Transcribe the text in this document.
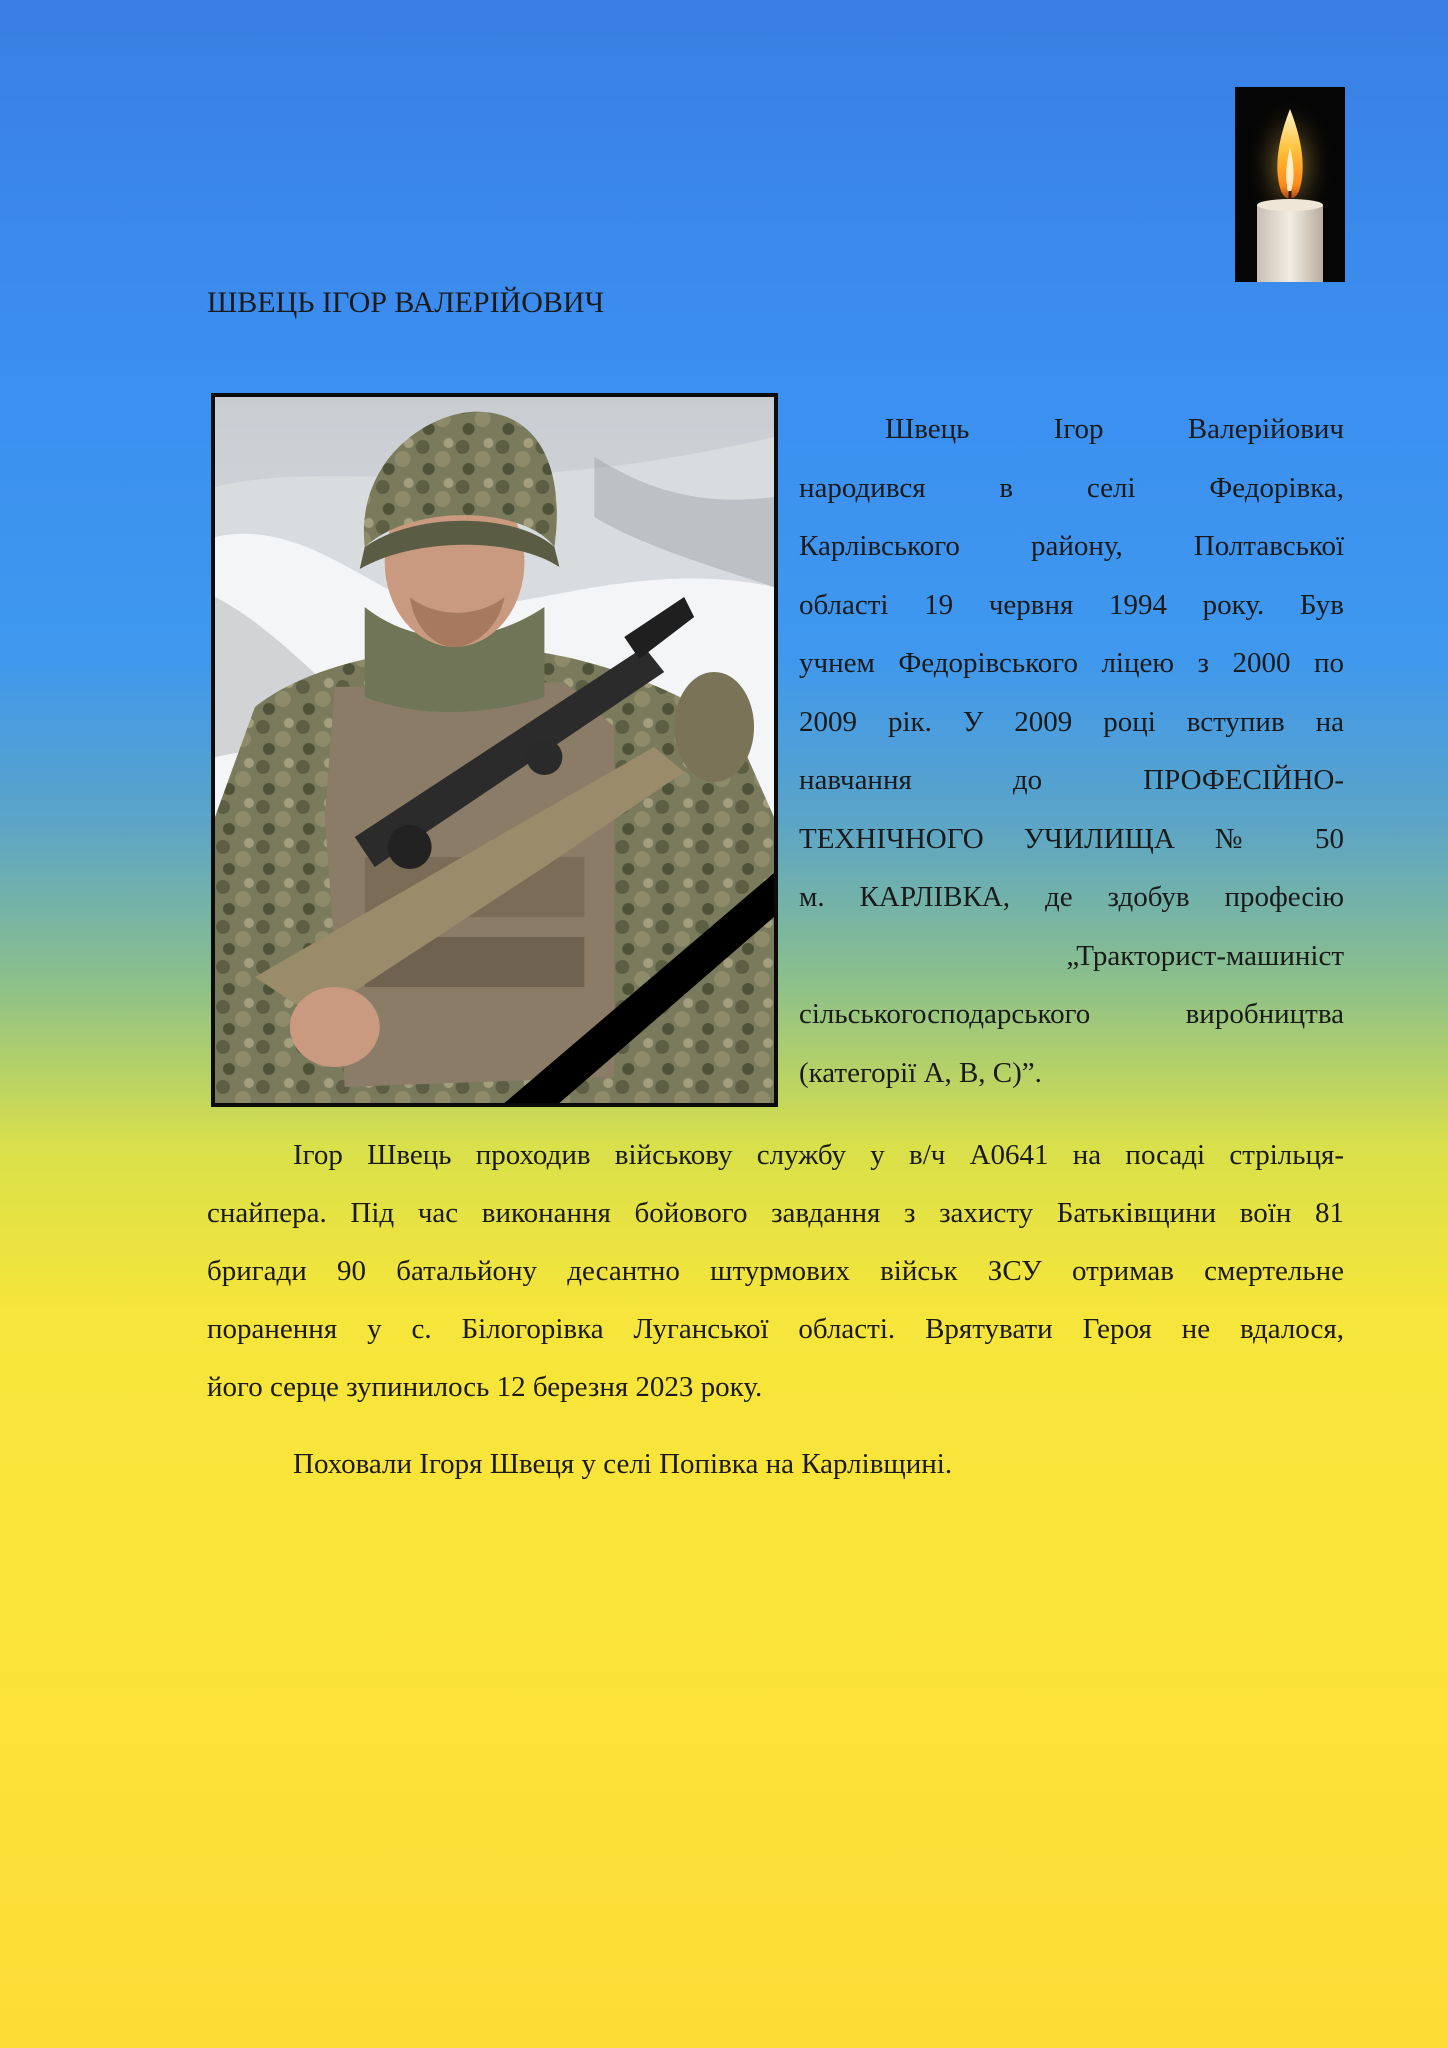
ШВЕЦЬ ІГОР ВАЛЕРІЙОВИЧ

Швець Ігор Валерійович
народився в селі Федорівка,
Карлівського району, Полтавської
області 19 червня 1994 року. Був
учнем Федорівського ліцею з 2000 по
2009 рік. У 2009 році вступив на
навчання до ПРОФЕСІЙНО-
ТЕХНІЧНОГО УЧИЛИЩА № 50
м. КАРЛІВКА, де здобув професію
„Тракторист-машиніст
сільськогосподарського виробництва
(категорії А, В, С)”.

Ігор Швець проходив військову службу у в/ч А0641 на посаді стрільця-
снайпера. Під час виконання бойового завдання з захисту Батьківщини воїн 81
бригади 90 батальйону десантно штурмових військ ЗСУ отримав смертельне
поранення у с. Білогорівка Луганської області. Врятувати Героя не вдалося,
його серце зупинилось 12 березня 2023 року.

Поховали Ігоря Швеця у селі Попівка на Карлівщині.
